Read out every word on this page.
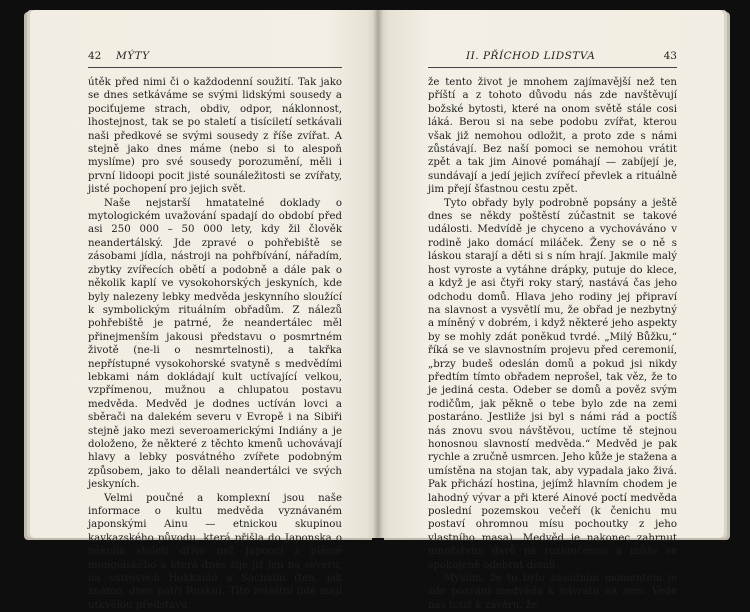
42 MÝTY

útěk před nimi či o každodenní soužití. Tak jako se dnes setkáváme se svými lidskými sousedy a pociťujeme strach, obdiv, odpor, náklonnost, lhostejnost, tak se po staletí a tisíciletí setkávali naši předkové se svými sousedy z říše zvířat. A stejně jako dnes máme (nebo si to alespoň myslíme) pro své sousedy porozumění, měli i první lidoopi pocit jisté sounáležitosti se zvířaty, jisté pochopení pro jejich svět.

Naše nejstarší hmatatelné doklady o mytologickém uvažování spadají do období před asi 250 000 – 50 000 lety, kdy žil člověk neandertálský. Jde zpravé o pohřebiště se zásobami jídla, nástroji na pohřbívání, nářadím, zbytky zvířecích obětí a podobně a dále pak o několik kaplí ve vysokohorských jeskyních, kde byly nalezeny lebky medvěda jeskynního sloužící k symbolickým rituálním obřadům. Z nálezů pohřebiště je patrné, že neandertálec měl přinejmenším jakousi představu o posmrtném životě (ne-li o nesmrtelnosti), a takřka nepřístupné vysokohorské svatyně s medvědími lebkami nám dokládají kult uctívající velkou, vzpřímenou, mužnou a chlupatou postavu medvěda. Medvěd je dodnes uctíván lovci a sběrači na dalekém severu v Evropě i na Sibiři stejně jako mezi severoamerickými Indiány a je doloženo, že některé z těchto kmenů uchovávají hlavy a lebky posvátného zvířete podobným způsobem, jako to dělali neandertálci ve svých jeskyních.

Velmi poučné a komplexní jsou naše informace o kultu medvěda vyznávaném japonskými Ainu — etnickou skupinou kavkazského původu, která přišla do Japonska o několik století dříve než Japonci z plémě mongolského a která dnes žije již jen na severu, na ostrovech Hokkaidó a Sachalin (ten, jak známo, dnes patří Rusku). Tito zvláštní lidé mají utkvělou představu,

II. PŘÍCHOD LIDSTVA	43

že tento život je mnohem zajímavější než ten příští a z tohoto důvodu nás zde navštěvují božské bytosti, které na onom světě stále cosi láká. Berou si na sebe podobu zvířat, kterou však již nemohou odložit, a proto zde s námi zůstávají. Bez naší pomoci se nemohou vrátit zpět a tak jim Ainové pomáhají — zabíjejí je, sundávají a jedí jejich zvířecí převlek a rituálně jim přejí šťastnou cestu zpět.

Tyto obřady byly podrobně popsány a ještě dnes se někdy poštěstí zúčastnit se takové události. Medvídě je chyceno a vychováváno v rodině jako domácí miláček. Ženy se o ně s láskou starají a děti si s ním hrají. Jakmile malý host vyroste a vytáhne drápky, putuje do klece, a když je asi čtyři roky starý, nastává čas jeho odchodu domů. Hlava jeho rodiny jej připraví na slavnost a vysvětlí mu, že obřad je nezbytný a míněný v dobrém, i když některé jeho aspekty by se mohly zdát poněkud tvrdé. „Milý Bůžku,“ říká se ve slavnostním projevu před ceremonií, „brzy budeš odeslán domů a pokud jsi nikdy předtím tímto obřadem neprošel, tak věz, že to je jediná cesta. Odeber se domů a pověz svým rodičům, jak pěkně o tebe bylo zde na zemi postaráno. Jestliže jsi byl s námi rád a poctíš nás znovu svou návštěvou, uctíme tě stejnou honosnou slavností medvěda.“ Medvěd je pak rychle a zručně usmrcen. Jeho kůže je stažena a umístěna na stojan tak, aby vypadala jako živá. Pak přichází hostina, jejímž hlavním chodem je lahodný vývar a při které Ainové poctí medvěda poslední pozemskou večeří (k čenichu mu postaví ohromnou mísu pochoutky z jeho vlastního masa). Medvěd je nakonec zahrnut množstvím darů na rozloučenou a může se spokojeně odebrat domů.

Myslím, že to bylo zásadním momentem je zde pozvání medvěda k návratu na zem. Vede nás totiž k závěru, že
